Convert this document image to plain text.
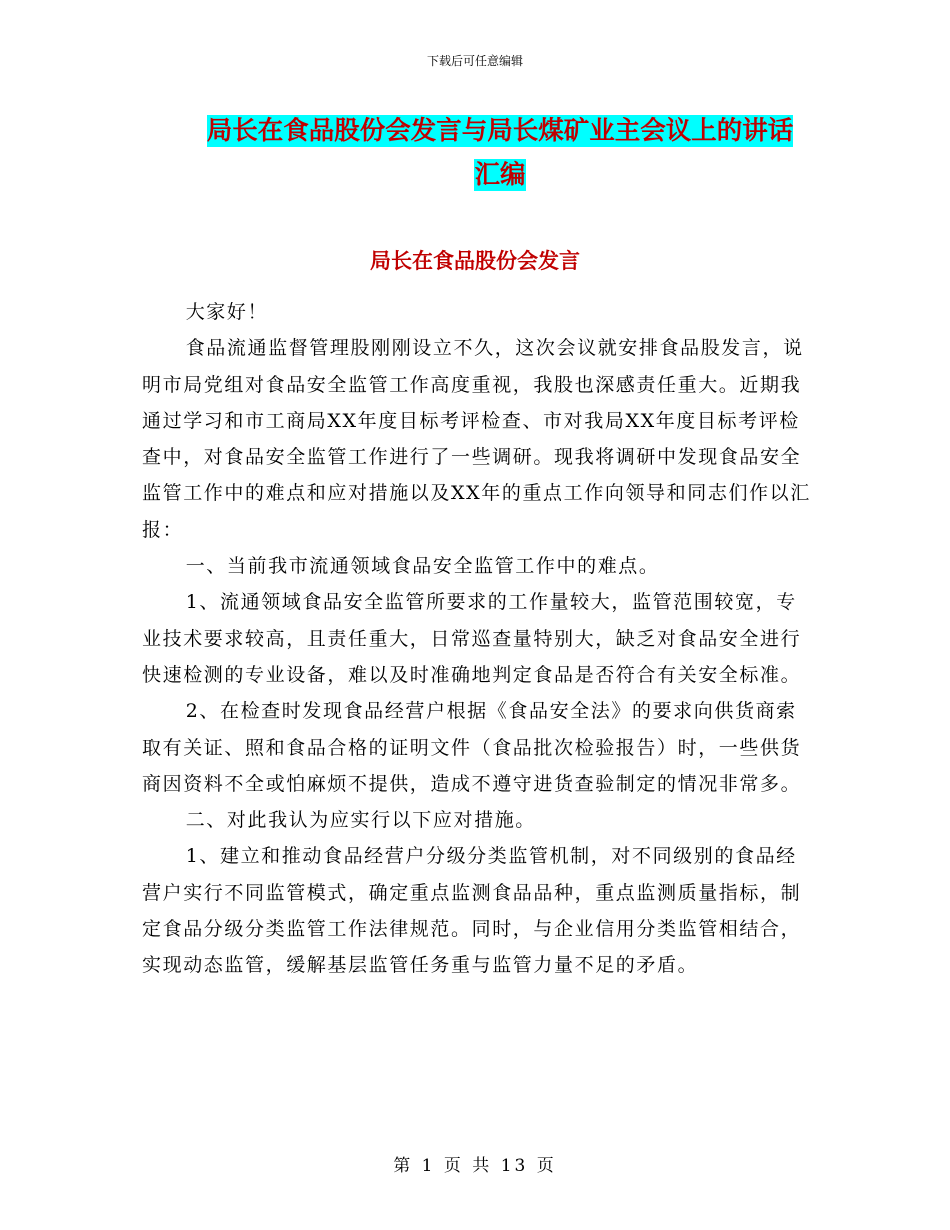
下载后可任意编辑
局长在食品股份会发言与局长煤矿业主会议上的讲话
汇编
局长在食品股份会发言

大家好！

食品流通监督管理股刚刚设立不久，这次会议就安排食品股发言，说明市局党组对食品安全监管工作高度重视，我股也深感责任重大。近期我通过学习和市工商局XX年度目标考评检查、市对我局XX年度目标考评检查中，对食品安全监管工作进行了一些调研。现我将调研中发现食品安全监管工作中的难点和应对措施以及XX年的重点工作向领导和同志们作以汇报：

一、当前我市流通领域食品安全监管工作中的难点。

1、流通领域食品安全监管所要求的工作量较大，监管范围较宽，专业技术要求较高，且责任重大，日常巡查量特别大，缺乏对食品安全进行快速检测的专业设备，难以及时准确地判定食品是否符合有关安全标准。

2、在检查时发现食品经营户根据《食品安全法》的要求向供货商索取有关证、照和食品合格的证明文件（食品批次检验报告）时，一些供货商因资料不全或怕麻烦不提供，造成不遵守进货查验制定的情况非常多。

二、对此我认为应实行以下应对措施。

1、建立和推动食品经营户分级分类监管机制，对不同级别的食品经营户实行不同监管模式，确定重点监测食品品种，重点监测质量指标，制定食品分级分类监管工作法律规范。同时，与企业信用分类监管相结合，实现动态监管，缓解基层监管任务重与监管力量不足的矛盾。

第 1 页 共 13 页
